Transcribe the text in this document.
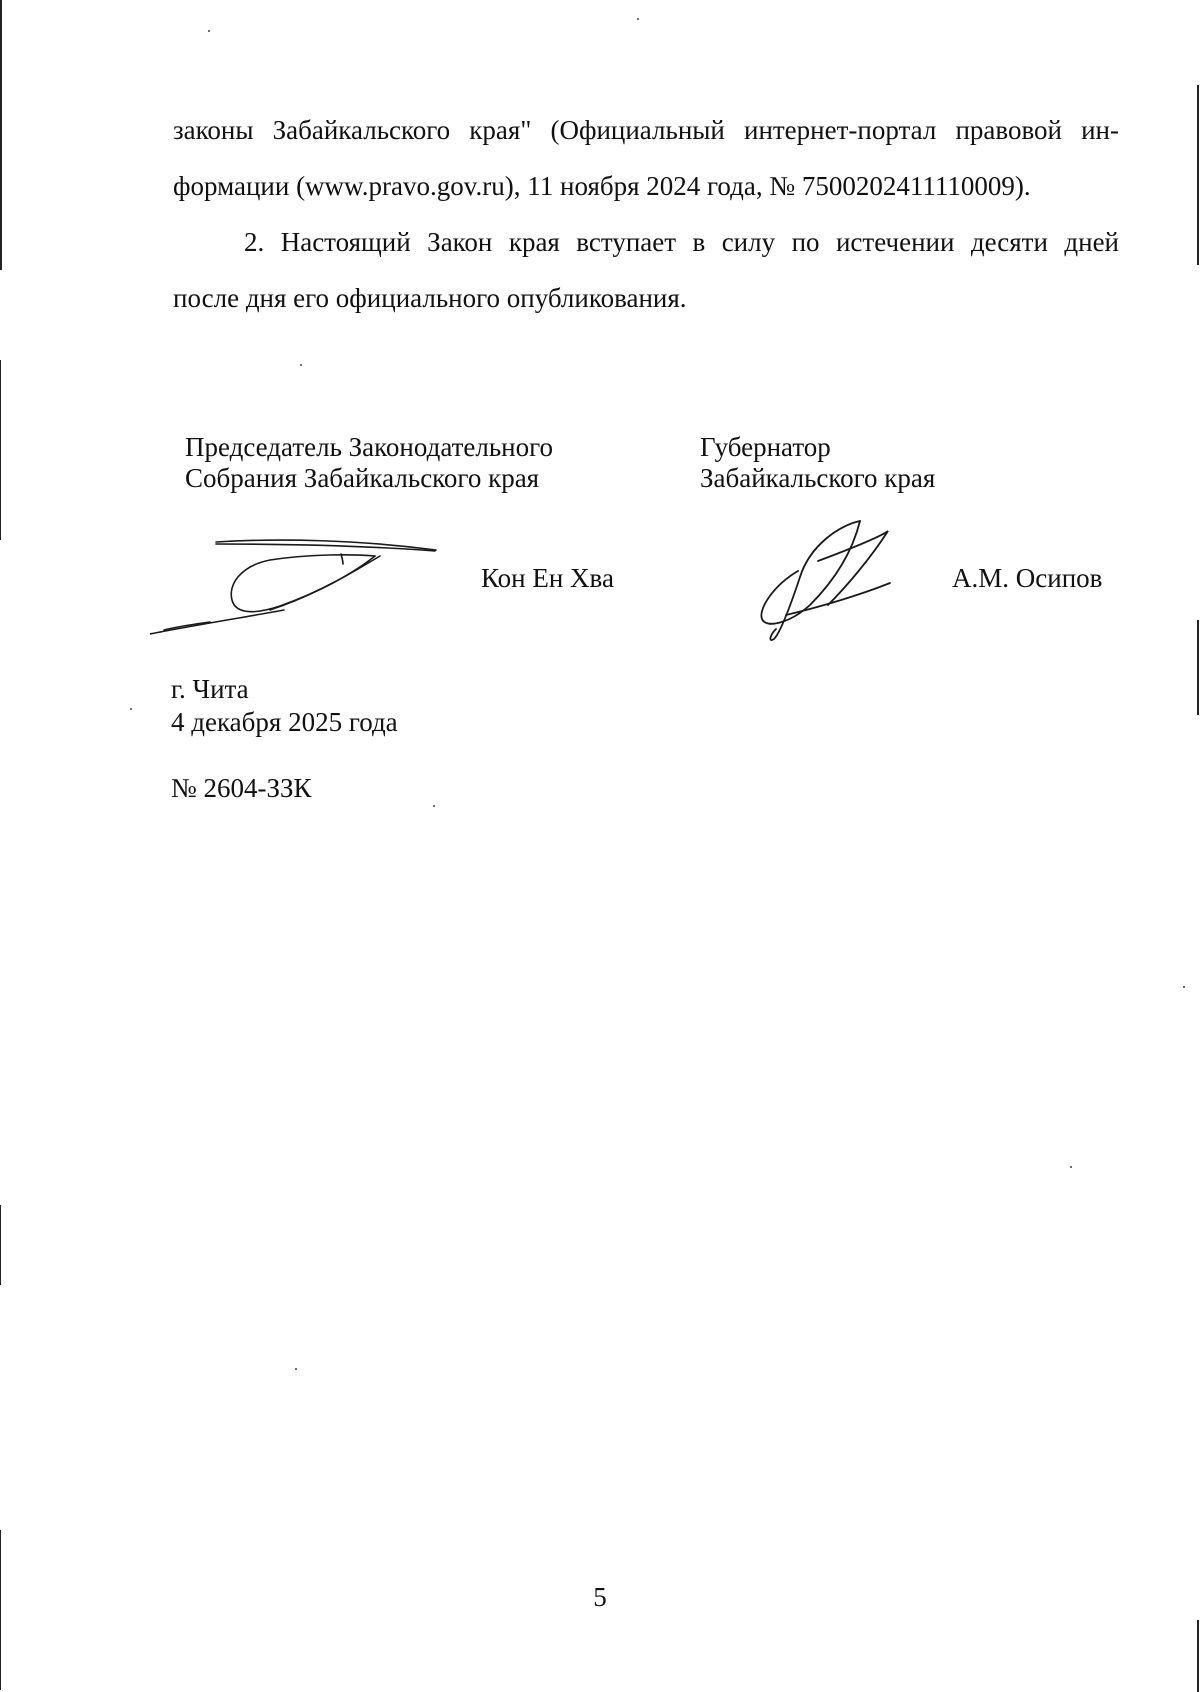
законы Забайкальского края" (Официальный интернет-портал правовой ин-
формации (www.pravo.gov.ru), 11 ноября 2024 года, № 7500202411110009).

2. Настоящий Закон края вступает в силу по истечении десяти дней
после дня его официального опубликования.

Председатель Законодательного
Собрания Забайкальского края
Губернатор
Забайкальского края
Кон Ен Хва	А.М. Осипов
г. Чита
4 декабря 2025 года
№ 2604-ЗЗК
5
